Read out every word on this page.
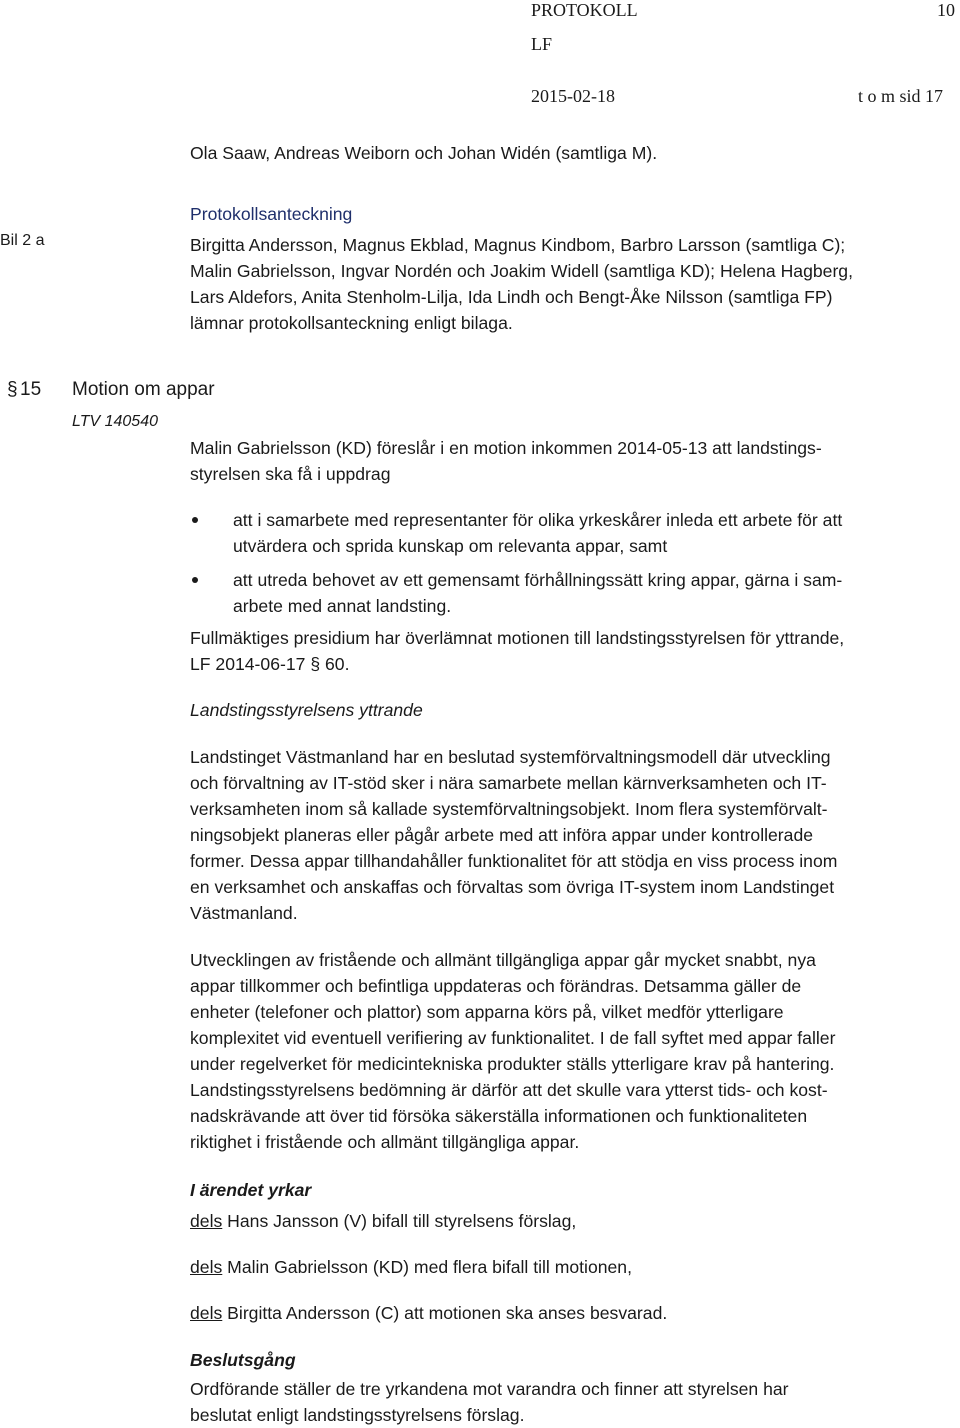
PROTOKOLL	10
LF
2015-02-18	t o m sid 17
Ola Saaw, Andreas Weiborn och Johan Widén (samtliga M).
Bil 2 a
Protokollsanteckning
Birgitta Andersson, Magnus Ekblad, Magnus Kindbom, Barbro Larsson (samtliga C);
Malin Gabrielsson, Ingvar Nordén och Joakim Widell (samtliga KD); Helena Hagberg,
Lars Aldefors, Anita Stenholm-Lilja, Ida Lindh och Bengt-Åke Nilsson (samtliga FP)
lämnar protokollsanteckning enligt bilaga.
§ 15 Motion om appar
LTV 140540
Malin Gabrielsson (KD) föreslår i en motion inkommen 2014-05-13 att landstings-
styrelsen ska få i uppdrag
att i samarbete med representanter för olika yrkeskårer inleda ett arbete för att
utvärdera och sprida kunskap om relevanta appar, samt
att utreda behovet av ett gemensamt förhållningssätt kring appar, gärna i sam-
arbete med annat landsting.
Fullmäktiges presidium har överlämnat motionen till landstingsstyrelsen för yttrande,
LF 2014-06-17 § 60.
Landstingsstyrelsens yttrande
Landstinget Västmanland har en beslutad systemförvaltningsmodell där utveckling
och förvaltning av IT-stöd sker i nära samarbete mellan kärnverksamheten och IT-
verksamheten inom så kallade systemförvaltningsobjekt. Inom flera systemförvalt-
ningsobjekt planeras eller pågår arbete med att införa appar under kontrollerade
former. Dessa appar tillhandahåller funktionalitet för att stödja en viss process inom
en verksamhet och anskaffas och förvaltas som övriga IT-system inom Landstinget
Västmanland.
Utvecklingen av fristående och allmänt tillgängliga appar går mycket snabbt, nya
appar tillkommer och befintliga uppdateras och förändras. Detsamma gäller de
enheter (telefoner och plattor) som apparna körs på, vilket medför ytterligare
komplexitet vid eventuell verifiering av funktionalitet. I de fall syftet med appar faller
under regelverket för medicintekniska produkter ställs ytterligare krav på hantering.
Landstingsstyrelsens bedömning är därför att det skulle vara ytterst tids- och kost-
nadskrävande att över tid försöka säkerställa informationen och funktionaliteten
riktighet i fristående och allmänt tillgängliga appar.
I ärendet yrkar
dels Hans Jansson (V) bifall till styrelsens förslag,
dels Malin Gabrielsson (KD) med flera bifall till motionen,
dels Birgitta Andersson (C) att motionen ska anses besvarad.
Beslutsgång
Ordförande ställer de tre yrkandena mot varandra och finner att styrelsen har
beslutat enligt landstingsstyrelsens förslag.
